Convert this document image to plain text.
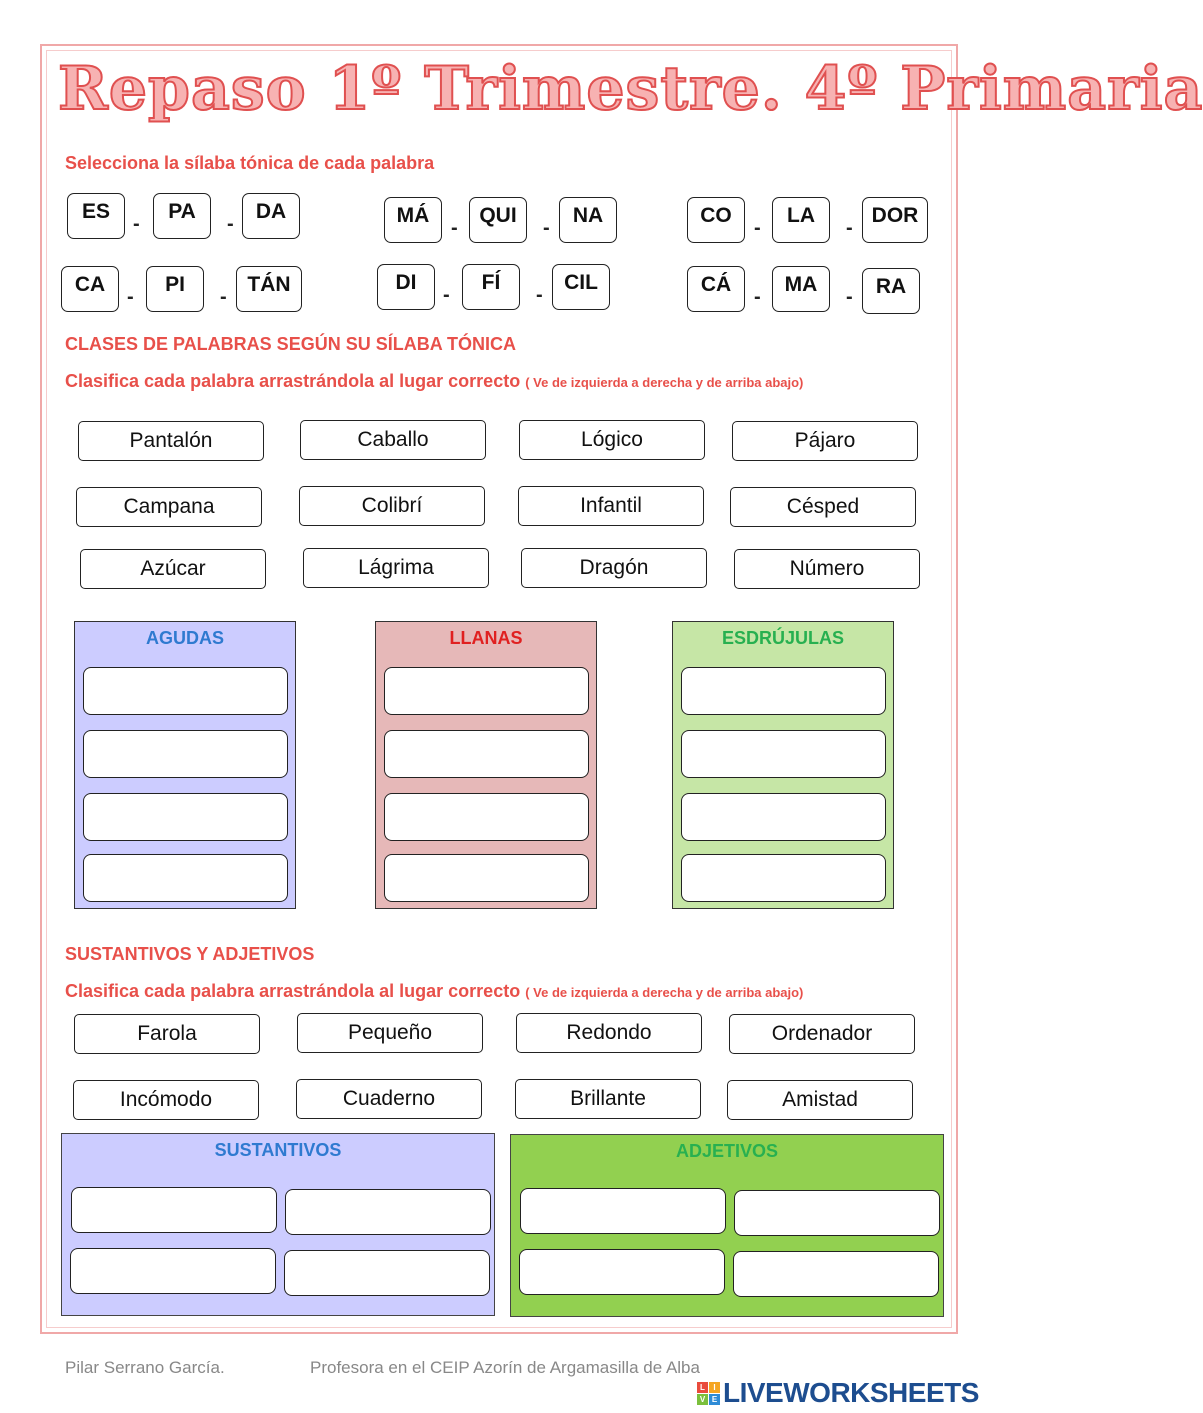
Repaso 1º Trimestre. 4º Primaria
Selecciona la sílaba tónica de cada palabra
ES
-
PA
-
DA	MÁ
-
QUI
-
NA	CO
-
LA
-
DOR
CA
-
PI
-
TÁN	DI
-
FÍ
-
CIL	CÁ
-
MA
-	RA
CLASES DE PALABRAS SEGÚN SU SÍLABA TÓNICA
Clasifica cada palabra arrastrándola al lugar correcto ( Ve de izquierda a derecha y de arriba abajo)
Pantalón	Caballo	Lógico	Pájaro
Campana	Colibrí	Infantil	Césped
Azúcar	Lágrima	Dragón	Número
AGUDAS	LLANAS	ESDRÚJULAS
SUSTANTIVOS Y ADJETIVOS
Clasifica cada palabra arrastrándola al lugar correcto ( Ve de izquierda a derecha y de arriba abajo)
Farola	Pequeño	Redondo	Ordenador
Incómodo	Cuaderno	Brillante	Amistad
SUSTANTIVOS	ADJETIVOS
Pilar Serrano García.	Profesora en el CEIP Azorín de Argamasilla de Alba
L	I
V E LIVEWORKSHEETS
